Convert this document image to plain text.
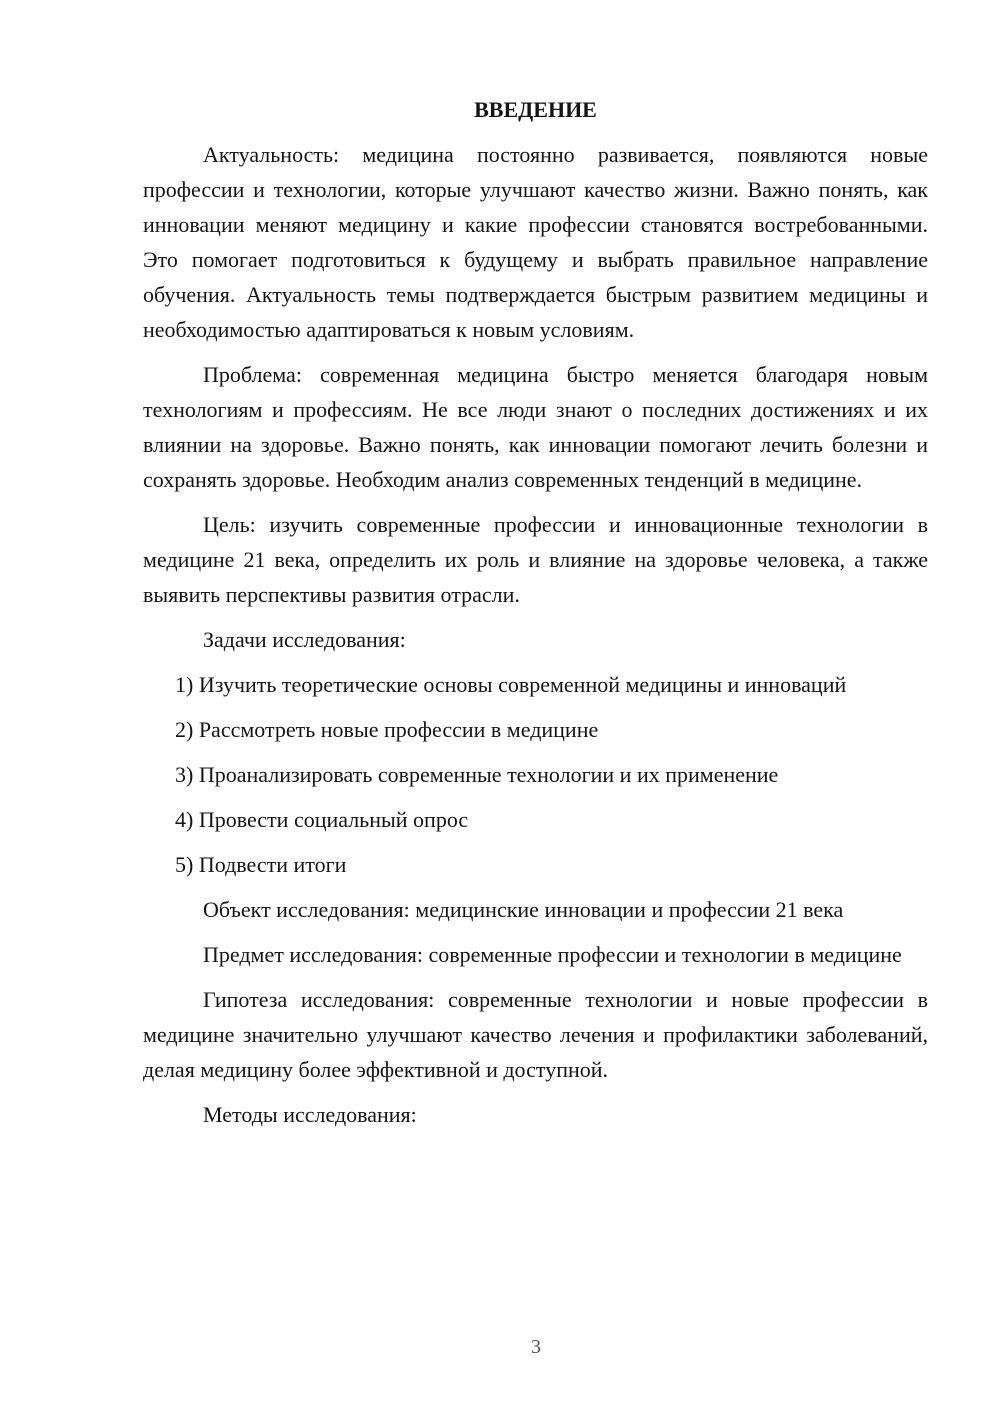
ВВЕДЕНИЕ

Актуальность: медицина постоянно развивается, появляются новые профессии и технологии, которые улучшают качество жизни. Важно понять, как инновации меняют медицину и какие профессии становятся востребованными. Это помогает подготовиться к будущему и выбрать правильное направление обучения. Актуальность темы подтверждается быстрым развитием медицины и необходимостью адаптироваться к новым условиям.

Проблема: современная медицина быстро меняется благодаря новым технологиям и профессиям. Не все люди знают о последних достижениях и их влиянии на здоровье. Важно понять, как инновации помогают лечить болезни и сохранять здоровье. Необходим анализ современных тенденций в медицине.

Цель: изучить современные профессии и инновационные технологии в медицине 21 века, определить их роль и влияние на здоровье человека, а также выявить перспективы развития отрасли.

Задачи исследования:

1) Изучить теоретические основы современной медицины и инноваций
2) Рассмотреть новые профессии в медицине
3) Проанализировать современные технологии и их применение
4) Провести социальный опрос
5) Подвести итоги

Объект исследования: медицинские инновации и профессии 21 века

Предмет исследования: современные профессии и технологии в медицине

Гипотеза исследования: современные технологии и новые профессии в медицине значительно улучшают качество лечения и профилактики заболеваний, делая медицину более эффективной и доступной.

Методы исследования:

3
